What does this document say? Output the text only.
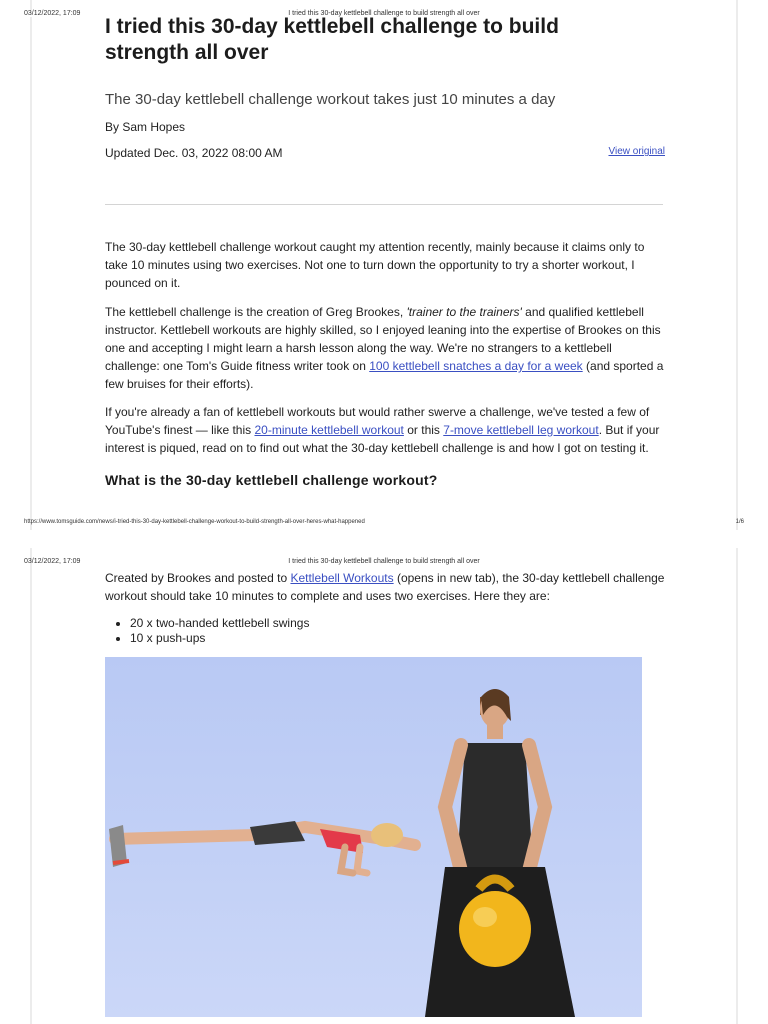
I tried this 30-day kettlebell challenge to build
strength all over
03/12/2022, 17:09	I tried this 30-day kettlebell challenge to build strength all over

The 30-day kettlebell challenge workout takes just 10 minutes a day

By Sam Hopes

Updated Dec. 03, 2022 08:00 AM	View original

The 30-day kettlebell challenge workout caught my attention recently, mainly because it claims only to take 10 minutes using two exercises. Not one to turn down the opportunity to try a shorter workout, I pounced on it.

The kettlebell challenge is the creation of Greg Brookes, 'trainer to the trainers' and qualified kettlebell instructor. Kettlebell workouts are highly skilled, so I enjoyed leaning into the expertise of Brookes on this one and accepting I might learn a harsh lesson along the way. We're no strangers to a kettlebell challenge: one Tom's Guide fitness writer took on 100 kettlebell snatches a day for a week (and sported a few bruises for their efforts).

If you're already a fan of kettlebell workouts but would rather swerve a challenge, we've tested a few of YouTube's finest — like this 20-minute kettlebell workout or this 7-move kettlebell leg workout. But if your interest is piqued, read on to find out what the 30-day kettlebell challenge is and how I got on testing it.

What is the 30-day kettlebell challenge workout?
https://www.tomsguide.com/news/i-tried-this-30-day-kettlebell-challenge-workout-to-build-strength-all-over-heres-what-happened	1/6
03/12/2022, 17:09	I tried this 30-day kettlebell challenge to build strength all over

Created by Brookes and posted to Kettlebell Workouts (opens in new tab), the 30-day kettlebell challenge workout should take 10 minutes to complete and uses two exercises. Here they are:

• 20 x two-handed kettlebell swings
• 10 x push-ups
